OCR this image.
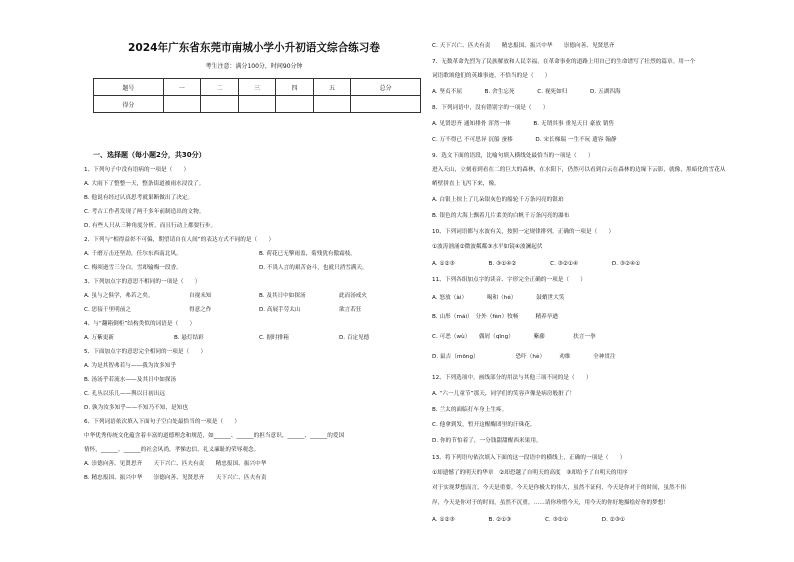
2024年广东省东莞市南城小学小升初语文综合练习卷
考生注意：满分100分，时间90分钟
题号	一	二	三	四	五	总分
得分						
一、选择题（每小题2分，共30分）
1、下列句子中没有语病的一项是（　　）
A. 大雨下了整整一天，整条街道被雨水浸没了。
B. 他说有经过认真思考就果断做出了决定。
C. 考古工作者发现了两千多年前制造出的文物。
D. 有些人只从三种角度分析，而且行动上都要行步。
2、下列与“相得益彰不可偏，期望请自在人间”的表达方式不同的是（　　）
A. 千磨万击还坚劲，任尔东西南北风。	B. 荷花已无擎雨盖，菊残犹有傲霜枝。
C. 梅须逊雪三分白，雪却输梅一段香。	D. 不畏人言的艰苦奋斗，也就只消雪满天。
3、下列加点字的意思不相同的一项是（　　）
A. 虽与之俱学，弗若之矣。	自视未知	B. 及其日中如探汤	此而汤戒火
C. 思接千里明前之	得意之作	D. 高展手劳太山	欲言若狂
4、与“翻箱倒柜”结构类似的词语是（　　）
A. 万紫更新	B. 悬灯结彩	C. 据时排箱	D. 百定见德
5、下面加点字的意思完全相同的一项是（　　）
A. 为是其智弗若与——我为汝多知乎
B. 汤汤乎若流水——及其日中如探汤
C. 孔丛以乐儿——舆以日初出远
D. 孰为汝多知乎——不知乃不知，是知也
6、下列词语依次填入下面句子空白处最恰当的一项是（　　）
中华优秀传统文化蕴含着丰富的道德理念和规范，如______、______的担当意识，______、______的爱国
情怀，______、______的社会风尚，孝悌忠信、礼义廉耻的荣辱观念。
A. 崇德向善、见贤思齐　　天下兴亡、匹夫有责　　精忠报国、振兴中华
B. 精忠报国、振兴中华　　崇德向善、见贤思齐　　天下兴亡、匹夫有责
C. 天下兴亡、匹夫有责　　精忠报国、振兴中华　　崇德向善、见贤思齐
7、无数革命先烈为了民族解放和人民幸福，在革命事业的道路上用自己的生命谱写了壮烈的篇章。用一个
词语歌颂他们的英雄事迹，不恰当的是（　　）
A. 坚贞不屈　　　　B. 舍生忘死　　　　C. 视死如归　　　　D. 五湖四海
8、下列词语中，没有错别字的一项是（　　）
A. 见贤思齐 通知排骨 浑然一体　　　　B. 无谓其事 重见天日 豪放 销售
C. 万不得已 不可思异 沉船 蚕移　　　　D. 宋长梯瑞 一生不玩 遗容 翰静
9、选文下面的语段，比喻句填入横线处最恰当的一项是（　　）
进入天山，立刻看到看在二的巨大的森林，在水阳下，仍然可以看到白云在森林的边缘下云影，就像，黑暗化的雪花从
峭壁拼直上飞泻下来，像。
A. 白银上掠上了几朵银灰色的船轮千万条闪亮的银珀
B. 银色的大海上飘着几片柔美的白帆千万条闪亮的瀑布
10、下列词语都与水波有关，按照一定规律排列，正确的一项是（　　）
①波涛汹涌②微波粼粼③水平如镜④波澜起伏
A. ①②③　　　　　　B. ③①④②　　　　　　C. ③②①④　　　　　　D. ③②④①
11、下列各组加点字的读音、字形完全正确的一项是（　　）
A. 怒放（ài）　　　　喝和（hé）　　　　鼓蛸世大笑
B. 山彤（mái）　分外（fèn）牧畅　　　精养旱遒
C. 可恶（wù）　　偶屑（qīng）　　　　紫藤　　　　　扶言一拳
D. 鼠吉（mōng）　　　　　　　恐吓（hè）　　　劝维　　　　全神贯注
12、下列选项中，画线部分的用法与其他三项不同的是（　　）
A. “六一儿童节”那天，同学们的笑容声像是病房般脏了！
B. 兰太的面临打车身上生疼。
C. 他拿到发，暂开这醒酶团里的汗珠花。
D. 你的节怕着了，一分钱甜甜醒西米果用。
13、将下列语句依次填入下面的这一段语中的横线上，正确的一项是（　　）
①却遗憾了的明天的华章　②却恐越了自明天的高度　③却给予了自明天的用序
对于实现梦想而言，今天是重要。今天是你极大的伟大，虽然不证何，今天是你对于的时间，虽然不伟
岸，今天是你对于的时间，虽然不沉重，……请你珍惜今天，用今天的你好地描绘好你的梦想！
A. ①②③　　　　　　B. ②①③　　　　　　C. ③②①　　　　　　D. ②③①
